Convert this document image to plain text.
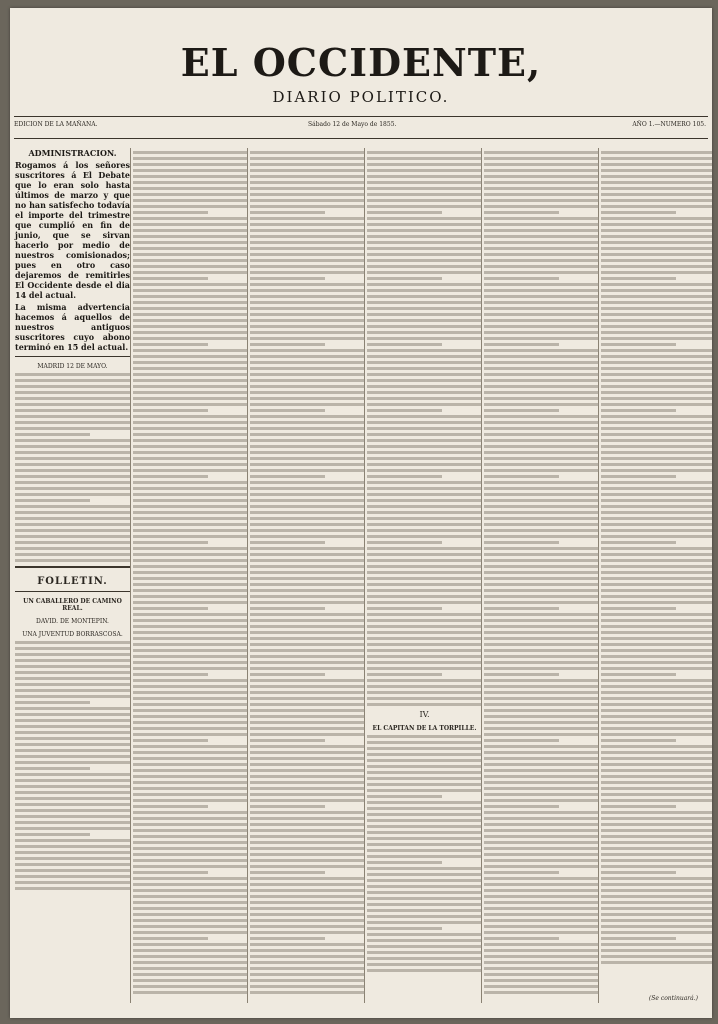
EL OCCIDENTE,
DIARIO POLITICO.
EDICION DE LA MAÑANA.	Sábado 12 de Mayo de 1855.	AÑO 1.—NUMERO 105.
ADMINISTRACION.
Rogamos á los señores suscritores á El Debate que lo eran solo hasta últimos de marzo y que no han satisfecho todavía el importe del trimestre que cumplió en fin de junio, que se sirvan hacerlo por medio de nuestros comisionados; pues en otro caso dejaremos de remitirles El Occidente desde el dia 14 del actual.
La misma advertencia hacemos á aquellos de nuestros antiguos suscritores cuyo abono terminó en 15 del actual.
MADRID 12 DE MAYO.
FOLLETIN.
UN CABALLERO DE CAMINO REAL.
DAVID. DE MONTEPIN.
UNA JUVENTUD BORRASCOSA.
IV.
EL CAPITAN DE LA TORPILLE.
(Se continuará.)
